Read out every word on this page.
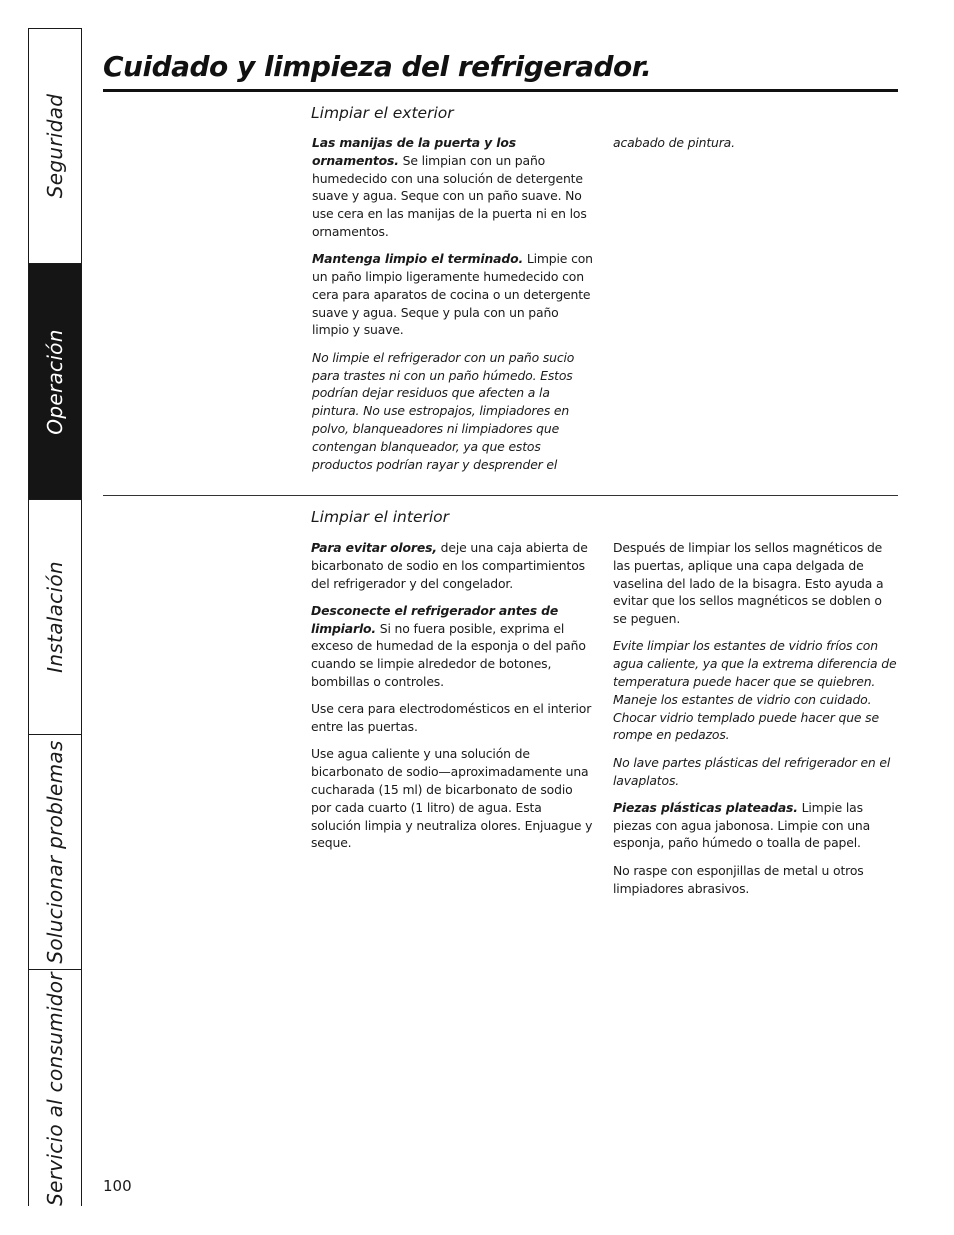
Seguridad
Operación
Instalación
Solucionar problemas
Servicio al consumidor
Cuidado y limpieza del refrigerador.
Limpiar el exterior

Las manijas de la puerta y los ornamentos. Se limpian con un paño humedecido con una solución de detergente suave y agua. Seque con un paño suave. No use cera en las manijas de la puerta ni en los ornamentos.

Mantenga limpio el terminado. Limpie con un paño limpio ligeramente humedecido con cera para aparatos de cocina o un detergente suave y agua. Seque y pula con un paño limpio y suave.

No limpie el refrigerador con un paño sucio para trastes ni con un paño húmedo. Estos podrían dejar residuos que afecten a la pintura. No use estropajos, limpiadores en polvo, blanqueadores ni limpiadores que contengan blanqueador, ya que estos productos podrían rayar y desprender el

acabado de pintura.

Limpiar el interior

Para evitar olores, deje una caja abierta de bicarbonato de sodio en los compartimientos del refrigerador y del congelador.

Desconecte el refrigerador antes de limpiarlo. Si no fuera posible, exprima el exceso de humedad de la esponja o del paño cuando se limpie alrededor de botones, bombillas o controles.

Use cera para electrodomésticos en el interior entre las puertas.

Use agua caliente y una solución de bicarbonato de sodio—aproximadamente una cucharada (15 ml) de bicarbonato de sodio por cada cuarto (1 litro) de agua. Esta solución limpia y neutraliza olores. Enjuague y seque.

Después de limpiar los sellos magnéticos de las puertas, aplique una capa delgada de vaselina del lado de la bisagra. Esto ayuda a evitar que los sellos magnéticos se doblen o se peguen.

Evite limpiar los estantes de vidrio fríos con agua caliente, ya que la extrema diferencia de temperatura puede hacer que se quiebren. Maneje los estantes de vidrio con cuidado. Chocar vidrio templado puede hacer que se rompe en pedazos.

No lave partes plásticas del refrigerador en el lavaplatos.

Piezas plásticas plateadas. Limpie las piezas con agua jabonosa. Limpie con una esponja, paño húmedo o toalla de papel.

No raspe con esponjillas de metal u otros limpiadores abrasivos.

100
